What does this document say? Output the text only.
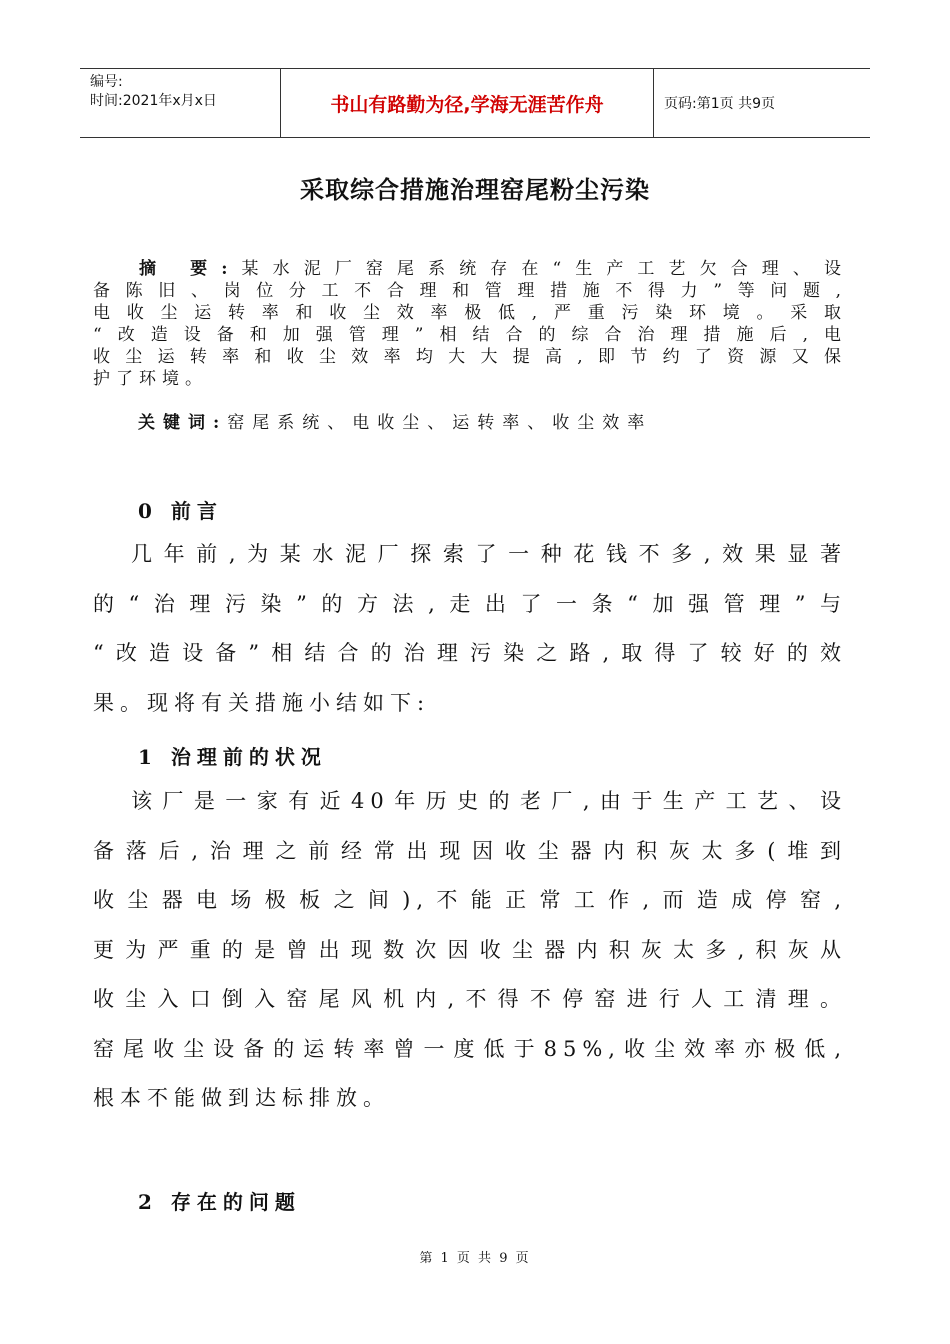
编号:
时间:2021年x月x日	书山有路勤为径,学海无涯苦作舟	页码:第1页 共9页
采取综合措施治理窑尾粉尘污染
摘 要:某水泥厂窑尾系统存在“生产工艺欠合理、设
备陈旧、岗位分工不合理和管理措施不得力”等问题,
电收尘运转率和收尘效率极低,严重污染环境。采取
“改造设备和加强管理”相结合的综合治理措施后,电
收尘运转率和收尘效率均大大提高,即节约了资源又保
护了环境。
关键词:窑尾系统、电收尘、运转率、收尘效率
0 前言
几年前,为某水泥厂探索了一种花钱不多,效果显著
的“治理污染”的方法,走出了一条“加强管理”与
“改造设备”相结合的治理污染之路,取得了较好的效
果。现将有关措施小结如下:
1 治理前的状况
该厂是一家有近40年历史的老厂,由于生产工艺、设
备落后,治理之前经常出现因收尘器内积灰太多(堆到
收尘器电场极板之间),不能正常工作,而造成停窑,
更为严重的是曾出现数次因收尘器内积灰太多,积灰从
收尘入口倒入窑尾风机内,不得不停窑进行人工清理。
窑尾收尘设备的运转率曾一度低于85%,收尘效率亦极低,
根本不能做到达标排放。
2 存在的问题
第 1 页 共 9 页
